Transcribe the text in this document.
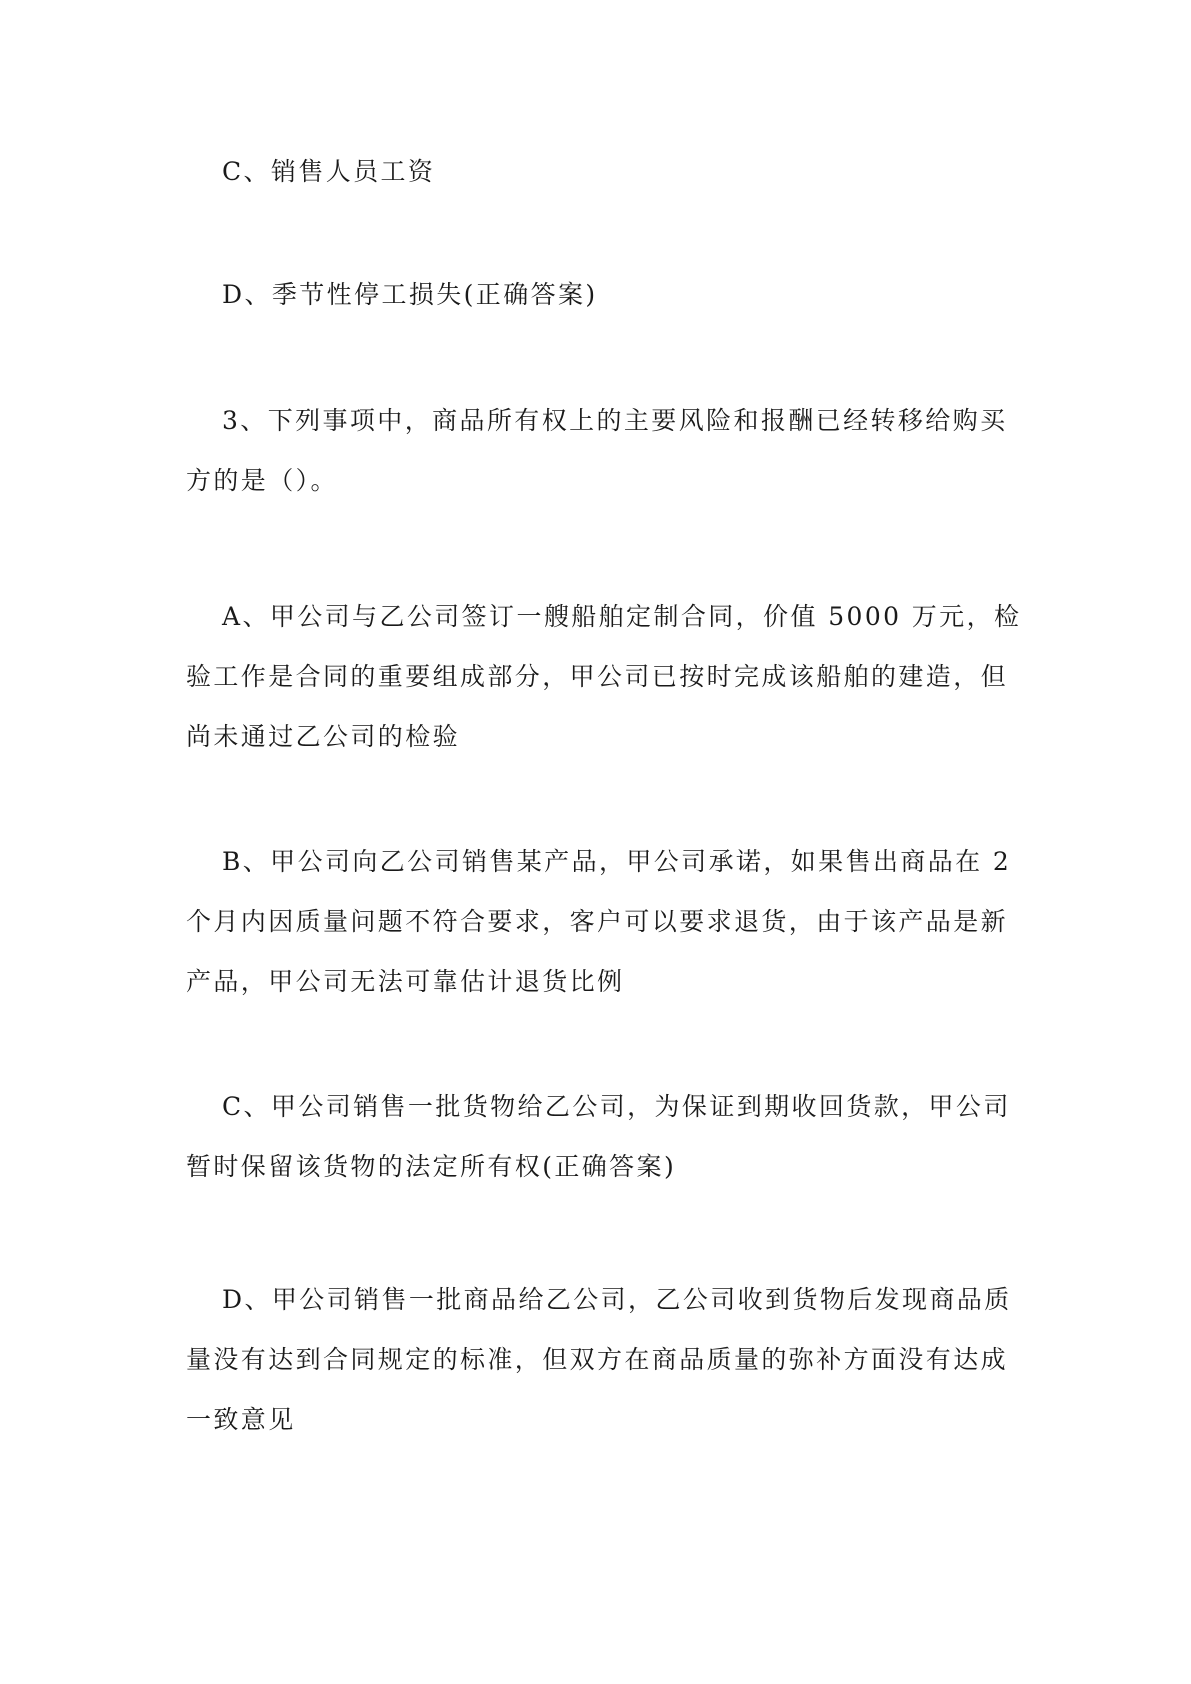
C、销售人员工资

D、季节性停工损失(正确答案)

3、下列事项中，商品所有权上的主要风险和报酬已经转移给购买
方的是（）。

A、甲公司与乙公司签订一艘船舶定制合同，价值 5000 万元，检
验工作是合同的重要组成部分，甲公司已按时完成该船舶的建造，但
尚未通过乙公司的检验

B、甲公司向乙公司销售某产品，甲公司承诺，如果售出商品在 2
个月内因质量问题不符合要求，客户可以要求退货，由于该产品是新
产品，甲公司无法可靠估计退货比例

C、甲公司销售一批货物给乙公司，为保证到期收回货款，甲公司
暂时保留该货物的法定所有权(正确答案)

D、甲公司销售一批商品给乙公司，乙公司收到货物后发现商品质
量没有达到合同规定的标准，但双方在商品质量的弥补方面没有达成
一致意见
